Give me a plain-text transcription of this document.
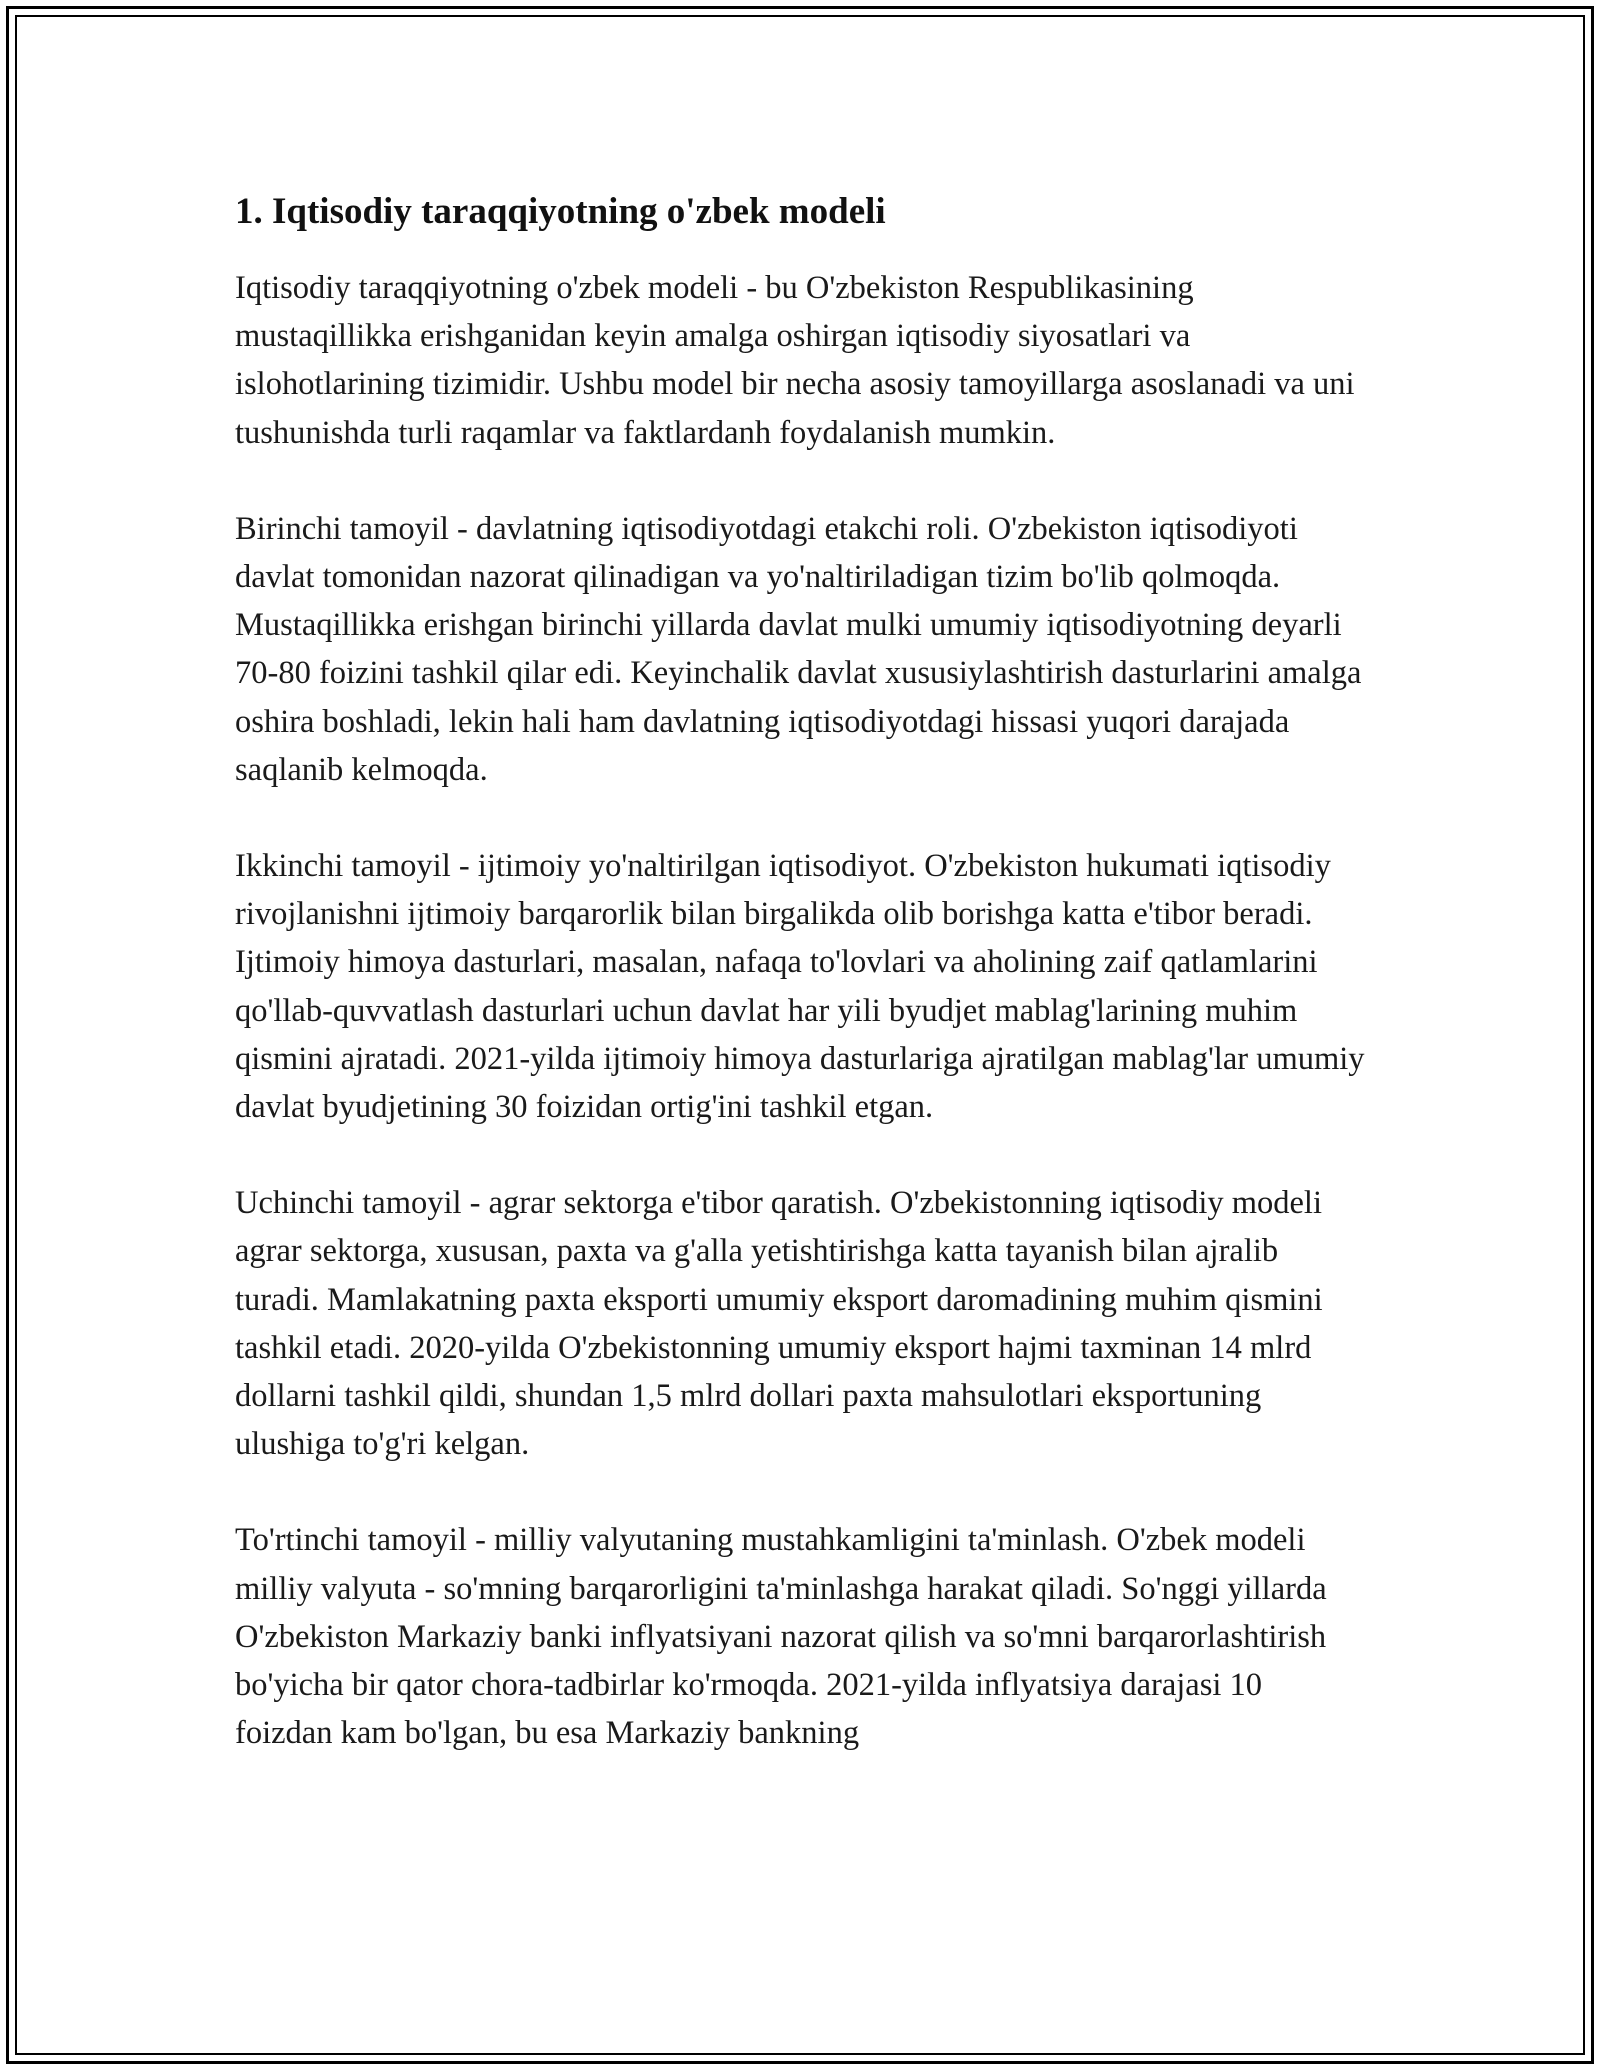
1. Iqtisodiy taraqqiyotning o'zbek modeli

Iqtisodiy taraqqiyotning o'zbek modeli - bu O'zbekiston Respublikasining mustaqillikka erishganidan keyin amalga oshirgan iqtisodiy siyosatlari va islohotlarining tizimidir. Ushbu model bir necha asosiy tamoyillarga asoslanadi va uni tushunishda turli raqamlar va faktlardanh foydalanish mumkin.

Birinchi tamoyil - davlatning iqtisodiyotdagi etakchi roli. O'zbekiston iqtisodiyoti davlat tomonidan nazorat qilinadigan va yo'naltiriladigan tizim bo'lib qolmoqda. Mustaqillikka erishgan birinchi yillarda davlat mulki umumiy iqtisodiyotning deyarli 70-80 foizini tashkil qilar edi. Keyinchalik davlat xususiylashtirish dasturlarini amalga oshira boshladi, lekin hali ham davlatning iqtisodiyotdagi hissasi yuqori darajada saqlanib kelmoqda.

Ikkinchi tamoyil - ijtimoiy yo'naltirilgan iqtisodiyot. O'zbekiston hukumati iqtisodiy rivojlanishni ijtimoiy barqarorlik bilan birgalikda olib borishga katta e'tibor beradi. Ijtimoiy himoya dasturlari, masalan, nafaqa to'lovlari va aholining zaif qatlamlarini qo'llab-quvvatlash dasturlari uchun davlat har yili byudjet mablag'larining muhim qismini ajratadi. 2021-yilda ijtimoiy himoya dasturlariga ajratilgan mablag'lar umumiy davlat byudjetining 30 foizidan ortig'ini tashkil etgan.

Uchinchi tamoyil - agrar sektorga e'tibor qaratish. O'zbekistonning iqtisodiy modeli agrar sektorga, xususan, paxta va g'alla yetishtirishga katta tayanish bilan ajralib turadi. Mamlakatning paxta eksporti umumiy eksport daromadining muhim qismini tashkil etadi. 2020-yilda O'zbekistonning umumiy eksport hajmi taxminan 14 mlrd dollarni tashkil qildi, shundan 1,5 mlrd dollari paxta mahsulotlari eksportuning ulushiga to'g'ri kelgan.

To'rtinchi tamoyil - milliy valyutaning mustahkamligini ta'minlash. O'zbek modeli milliy valyuta - so'mning barqarorligini ta'minlashga harakat qiladi. So'nggi yillarda O'zbekiston Markaziy banki inflyatsiyani nazorat qilish va so'mni barqarorlashtirish bo'yicha bir qator chora-tadbirlar ko'rmoqda. 2021-yilda inflyatsiya darajasi 10 foizdan kam bo'lgan, bu esa Markaziy bankning
